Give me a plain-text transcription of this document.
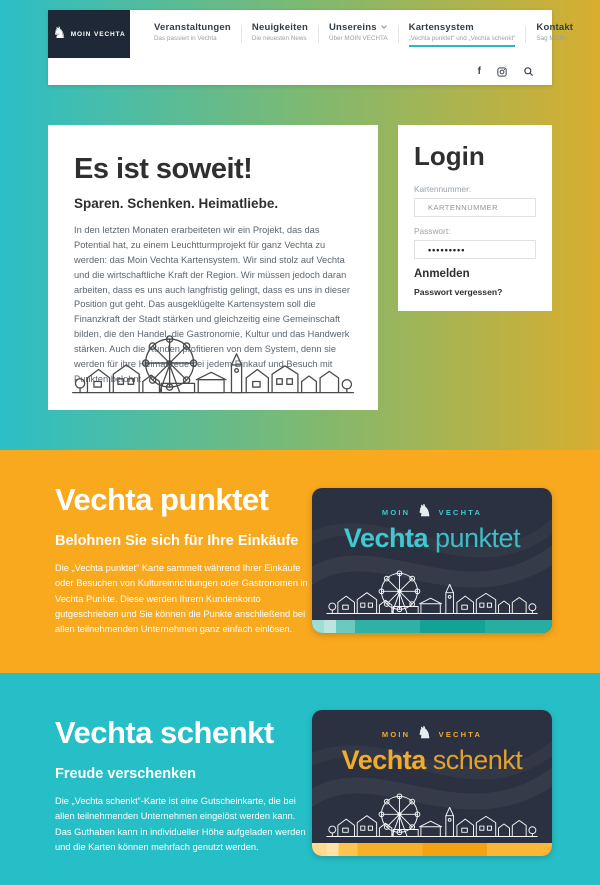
♞ MOIN VECHTA
Veranstaltungen
Das passiert in Vechta
Neuigkeiten
Die neuesten News
Unsereins
Über MOIN VECHTA
Kartensystem
„Vechta punktet“ und „Vechta schenkt“
Kontakt
Sag MOIN
f
Es ist soweit!
Sparen. Schenken. Heimatliebe.

In den letzten Monaten erarbeiteten wir ein Projekt, das das Potential hat, zu einem Leuchtturmprojekt für ganz Vechta zu werden: das Moin Vechta Kartensystem. Wir sind stolz auf Vechta und die wirtschaftliche Kraft der Region. Wir müssen jedoch daran arbeiten, dass es uns auch langfristig gelingt, dass es uns in dieser Position gut geht. Das ausgeklügelte Kartensystem soll die Finanzkraft der Stadt stärken und gleichzeitig eine Gemeinschaft bilden, die den Handel, die Gastronomie, Kultur und das Handwerk stärken. Auch die Kunden profitieren von dem System, denn sie werden für ihre Heimattreue bei jedem Einkauf und Besuch mit Punkten belohnt.

Login
Kartennummer:
KARTENNUMMER
Passwort:
•••••••••
Anmelden
Passwort vergessen?
Vechta punktet
Belohnen Sie sich für Ihre Einkäufe

Die „Vechta punktet“ Karte sammelt während Ihrer Einkäufe oder Besuchen von Kultureinrichtungen oder Gastronomen in Vechta Punkte. Diese werden Ihrem Kundenkonto gutgeschrieben und Sie können die Punkte anschließend bei allen teilnehmenden Unternehmen ganz einfach einlösen.

MOIN ♞ VECHTA
Vechta punktet
Vechta schenkt
Freude verschenken

Die „Vechta schenkt“-Karte ist eine Gutscheinkarte, die bei allen teilnehmenden Unternehmen eingelöst werden kann. Das Guthaben kann in individueller Höhe aufgeladen werden und die Karten können mehrfach genutzt werden.

MOIN ♞ VECHTA
Vechta schenkt
